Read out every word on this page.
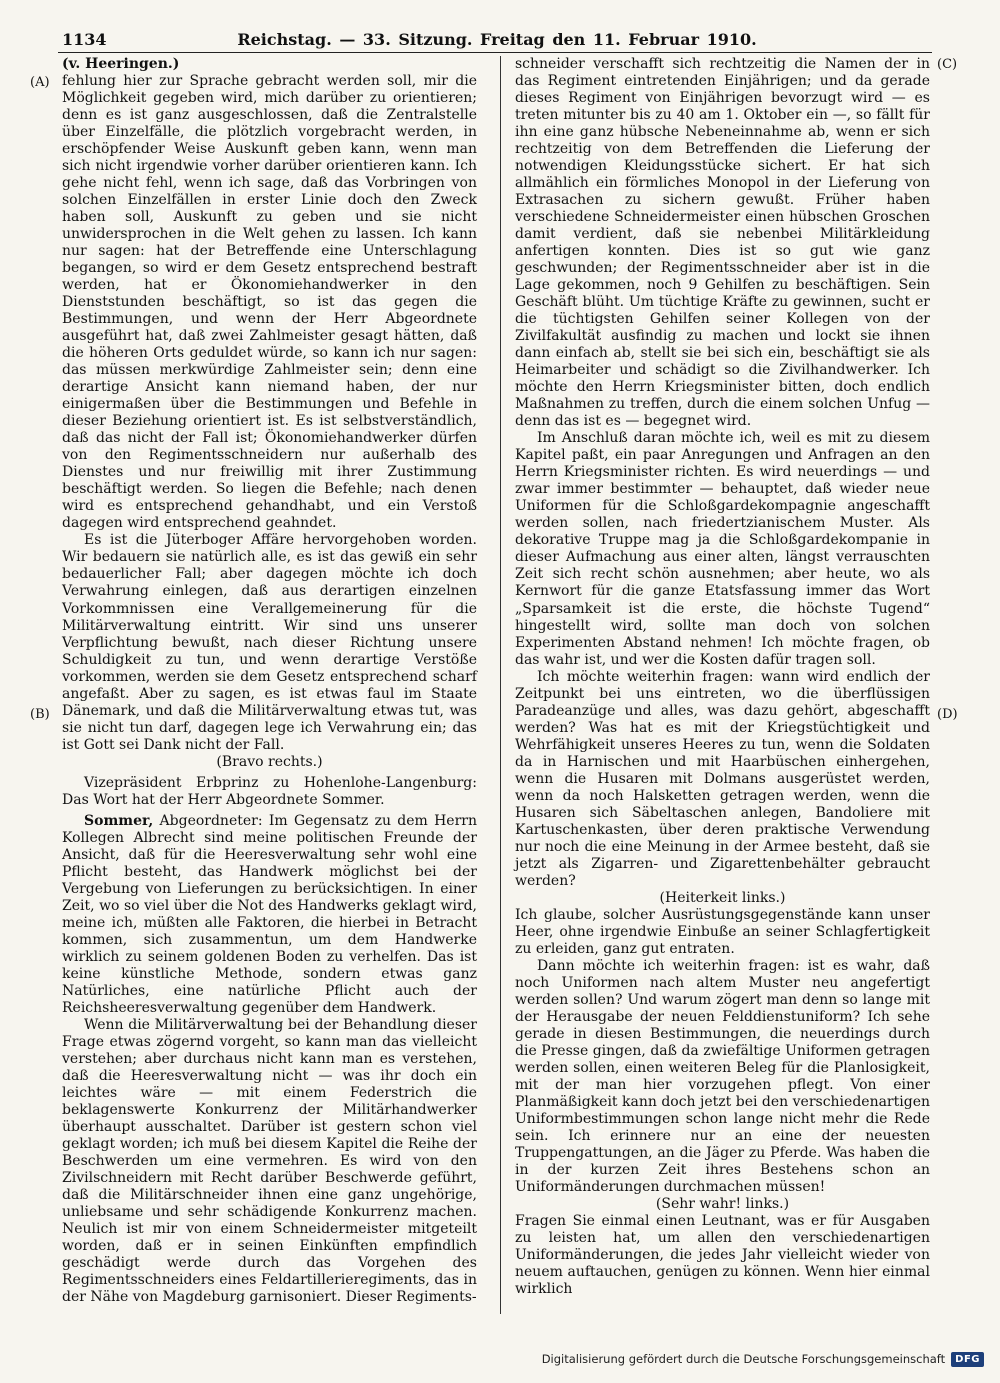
1134	Reichstag. — 33. Sitzung. Freitag den 11. Februar 1910.
(A)
(B)
(C)
(D)

(v. Heeringen.)

fehlung hier zur Sprache gebracht werden soll, mir die Möglichkeit gegeben wird, mich darüber zu orientieren; denn es ist ganz ausgeschlossen, daß die Zentralstelle über Einzelfälle, die plötzlich vorgebracht werden, in erschöpfender Weise Auskunft geben kann, wenn man sich nicht irgendwie vorher darüber orientieren kann. Ich gehe nicht fehl, wenn ich sage, daß das Vorbringen von solchen Einzelfällen in erster Linie doch den Zweck haben soll, Auskunft zu geben und sie nicht unwidersprochen in die Welt gehen zu lassen. Ich kann nur sagen: hat der Betreffende eine Unterschlagung begangen, so wird er dem Gesetz entsprechend bestraft werden, hat er Ökonomiehandwerker in den Dienststunden beschäftigt, so ist das gegen die Bestimmungen, und wenn der Herr Abgeordnete ausgeführt hat, daß zwei Zahlmeister gesagt hätten, daß die höheren Orts geduldet würde, so kann ich nur sagen: das müssen merkwürdige Zahlmeister sein; denn eine derartige Ansicht kann niemand haben, der nur einigermaßen über die Bestimmungen und Befehle in dieser Beziehung orientiert ist. Es ist selbstverständlich, daß das nicht der Fall ist; Ökonomiehandwerker dürfen von den Regimentsschneidern nur außerhalb des Dienstes und nur freiwillig mit ihrer Zustimmung beschäftigt werden. So liegen die Befehle; nach denen wird es entsprechend gehandhabt, und ein Verstoß dagegen wird entsprechend geahndet.

Es ist die Jüterboger Affäre hervorgehoben worden. Wir bedauern sie natürlich alle, es ist das gewiß ein sehr bedauerlicher Fall; aber dagegen möchte ich doch Verwahrung einlegen, daß aus derartigen einzelnen Vorkommnissen eine Verallgemeinerung für die Militärverwaltung eintritt. Wir sind uns unserer Verpflichtung bewußt, nach dieser Richtung unsere Schuldigkeit zu tun, und wenn derartige Verstöße vorkommen, werden sie dem Gesetz entsprechend scharf angefaßt. Aber zu sagen, es ist etwas faul im Staate Dänemark, und daß die Militärverwaltung etwas tut, was sie nicht tun darf, dagegen lege ich Verwahrung ein; das ist Gott sei Dank nicht der Fall.

(Bravo rechts.)

Vizepräsident Erbprinz zu Hohenlohe-Langenburg: Das Wort hat der Herr Abgeordnete Sommer.

Sommer, Abgeordneter: Im Gegensatz zu dem Herrn Kollegen Albrecht sind meine politischen Freunde der Ansicht, daß für die Heeresverwaltung sehr wohl eine Pflicht besteht, das Handwerk möglichst bei der Vergebung von Lieferungen zu berücksichtigen. In einer Zeit, wo so viel über die Not des Handwerks geklagt wird, meine ich, müßten alle Faktoren, die hierbei in Betracht kommen, sich zusammentun, um dem Handwerke wirklich zu seinem goldenen Boden zu verhelfen. Das ist keine künstliche Methode, sondern etwas ganz Natürliches, eine natürliche Pflicht auch der Reichsheeresverwaltung gegenüber dem Handwerk.

Wenn die Militärverwaltung bei der Behandlung dieser Frage etwas zögernd vorgeht, so kann man das vielleicht verstehen; aber durchaus nicht kann man es verstehen, daß die Heeresverwaltung nicht — was ihr doch ein leichtes wäre — mit einem Federstrich die beklagenswerte Konkurrenz der Militärhandwerker überhaupt ausschaltet. Darüber ist gestern schon viel geklagt worden; ich muß bei diesem Kapitel die Reihe der Beschwerden um eine vermehren. Es wird von den Zivilschneidern mit Recht darüber Beschwerde geführt, daß die Militärschneider ihnen eine ganz ungehörige, unliebsame und sehr schädigende Konkurrenz machen. Neulich ist mir von einem Schneidermeister mitgeteilt worden, daß er in seinen Einkünften empfindlich geschädigt werde durch das Vorgehen des Regimentsschneiders eines Feldartillerieregiments, das in der Nähe von Magdeburg garnisoniert. Dieser Regiments-

schneider verschafft sich rechtzeitig die Namen der in das Regiment eintretenden Einjährigen; und da gerade dieses Regiment von Einjährigen bevorzugt wird — es treten mitunter bis zu 40 am 1. Oktober ein —, so fällt für ihn eine ganz hübsche Nebeneinnahme ab, wenn er sich rechtzeitig von dem Betreffenden die Lieferung der notwendigen Kleidungsstücke sichert. Er hat sich allmählich ein förmliches Monopol in der Lieferung von Extrasachen zu sichern gewußt. Früher haben verschiedene Schneidermeister einen hübschen Groschen damit verdient, daß sie nebenbei Militärkleidung anfertigen konnten. Dies ist so gut wie ganz geschwunden; der Regimentsschneider aber ist in die Lage gekommen, noch 9 Gehilfen zu beschäftigen. Sein Geschäft blüht. Um tüchtige Kräfte zu gewinnen, sucht er die tüchtigsten Gehilfen seiner Kollegen von der Zivilfakultät ausfindig zu machen und lockt sie ihnen dann einfach ab, stellt sie bei sich ein, beschäftigt sie als Heimarbeiter und schädigt so die Zivilhandwerker. Ich möchte den Herrn Kriegsminister bitten, doch endlich Maßnahmen zu treffen, durch die einem solchen Unfug — denn das ist es — begegnet wird.

Im Anschluß daran möchte ich, weil es mit zu diesem Kapitel paßt, ein paar Anregungen und Anfragen an den Herrn Kriegsminister richten. Es wird neuerdings — und zwar immer bestimmter — behauptet, daß wieder neue Uniformen für die Schloßgardekompagnie angeschafft werden sollen, nach friedertzianischem Muster. Als dekorative Truppe mag ja die Schloßgardekompanie in dieser Aufmachung aus einer alten, längst verrauschten Zeit sich recht schön ausnehmen; aber heute, wo als Kernwort für die ganze Etatsfassung immer das Wort „Sparsamkeit ist die erste, die höchste Tugend“ hingestellt wird, sollte man doch von solchen Experimenten Abstand nehmen! Ich möchte fragen, ob das wahr ist, und wer die Kosten dafür tragen soll.

Ich möchte weiterhin fragen: wann wird endlich der Zeitpunkt bei uns eintreten, wo die überflüssigen Paradeanzüge und alles, was dazu gehört, abgeschafft werden? Was hat es mit der Kriegstüchtigkeit und Wehrfähigkeit unseres Heeres zu tun, wenn die Soldaten da in Harnischen und mit Haarbüschen einhergehen, wenn die Husaren mit Dolmans ausgerüstet werden, wenn da noch Halsketten getragen werden, wenn die Husaren sich Säbeltaschen anlegen, Bandoliere mit Kartuschenkasten, über deren praktische Verwendung nur noch die eine Meinung in der Armee besteht, daß sie jetzt als Zigarren- und Zigarettenbehälter gebraucht werden?

(Heiterkeit links.)

Ich glaube, solcher Ausrüstungsgegenstände kann unser Heer, ohne irgendwie Einbuße an seiner Schlagfertigkeit zu erleiden, ganz gut entraten.

Dann möchte ich weiterhin fragen: ist es wahr, daß noch Uniformen nach altem Muster neu angefertigt werden sollen? Und warum zögert man denn so lange mit der Herausgabe der neuen Felddienstuniform? Ich sehe gerade in diesen Bestimmungen, die neuerdings durch die Presse gingen, daß da zwiefältige Uniformen getragen werden sollen, einen weiteren Beleg für die Planlosigkeit, mit der man hier vorzugehen pflegt. Von einer Planmäßigkeit kann doch jetzt bei den verschiedenartigen Uniformbestimmungen schon lange nicht mehr die Rede sein. Ich erinnere nur an eine der neuesten Truppengattungen, an die Jäger zu Pferde. Was haben die in der kurzen Zeit ihres Bestehens schon an Uniformänderungen durchmachen müssen!

(Sehr wahr! links.)

Fragen Sie einmal einen Leutnant, was er für Ausgaben zu leisten hat, um allen den verschiedenartigen Uniformänderungen, die jedes Jahr vielleicht wieder von neuem auftauchen, genügen zu können. Wenn hier einmal wirklich

Digitalisierung gefördert durch die Deutsche Forschungsgemeinschaft	DFG
